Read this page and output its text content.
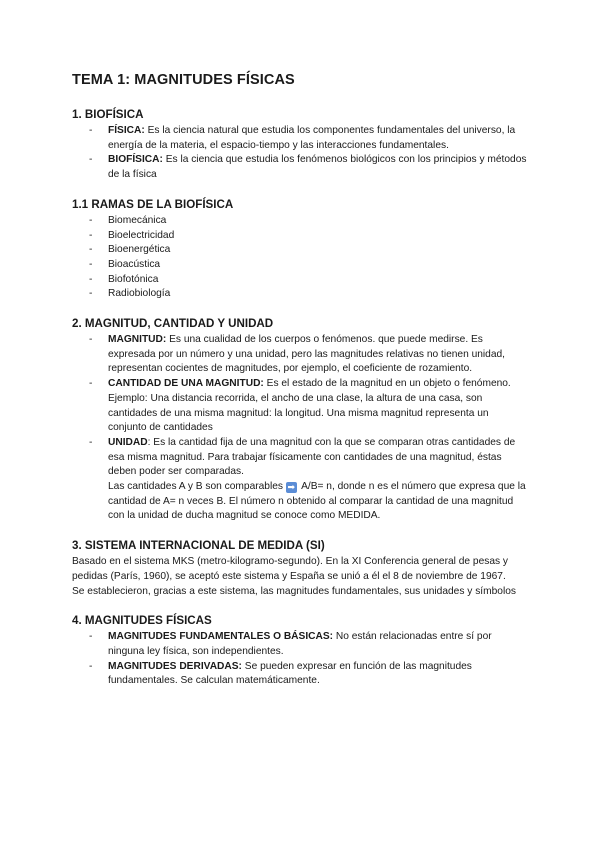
TEMA 1: MAGNITUDES FÍSICAS
1. BIOFÍSICA
- FÍSICA: Es la ciencia natural que estudia los componentes fundamentales del universo, la energía de la materia, el espacio-tiempo y las interacciones fundamentales.
- BIOFÍSICA: Es la ciencia que estudia los fenómenos biológicos con los principios y métodos de la física
1.1 RAMAS DE LA BIOFÍSICA
- Biomecánica
- Bioelectricidad
- Bioenergética
- Bioacústica
- Biofotónica
- Radiobiología
2. MAGNITUD, CANTIDAD Y UNIDAD
- MAGNITUD: Es una cualidad de los cuerpos o fenómenos. que puede medirse. Es expresada por un número y una unidad, pero las magnitudes relativas no tienen unidad, representan cocientes de magnitudes, por ejemplo, el coeficiente de rozamiento.
- CANTIDAD DE UNA MAGNITUD: Es el estado de la magnitud en un objeto o fenómeno. Ejemplo: Una distancia recorrida, el ancho de una clase, la altura de una casa, son cantidades de una misma magnitud: la longitud. Una misma magnitud representa un conjunto de cantidades
- UNIDAD: Es la cantidad fija de una magnitud con la que se comparan otras cantidades de esa misma magnitud. Para trabajar físicamente con cantidades de una magnitud, éstas deben poder ser comparadas.
Las cantidades A y B son comparables ➡ A/B= n, donde n es el número que expresa que la cantidad de A= n veces B. El número n obtenido al comparar la cantidad de una magnitud con la unidad de ducha magnitud se conoce como MEDIDA.
3. SISTEMA INTERNACIONAL DE MEDIDA (SI)

Basado en el sistema MKS (metro-kilogramo-segundo). En la XI Conferencia general de pesas y pedidas (París, 1960), se aceptó este sistema y España se unió a él el 8 de noviembre de 1967.

Se establecieron, gracias a este sistema, las magnitudes fundamentales, sus unidades y símbolos

4. MAGNITUDES FÍSICAS
- MAGNITUDES FUNDAMENTALES O BÁSICAS: No están relacionadas entre sí por ninguna ley física, son independientes.
- MAGNITUDES DERIVADAS: Se pueden expresar en función de las magnitudes fundamentales. Se calculan matemáticamente.
